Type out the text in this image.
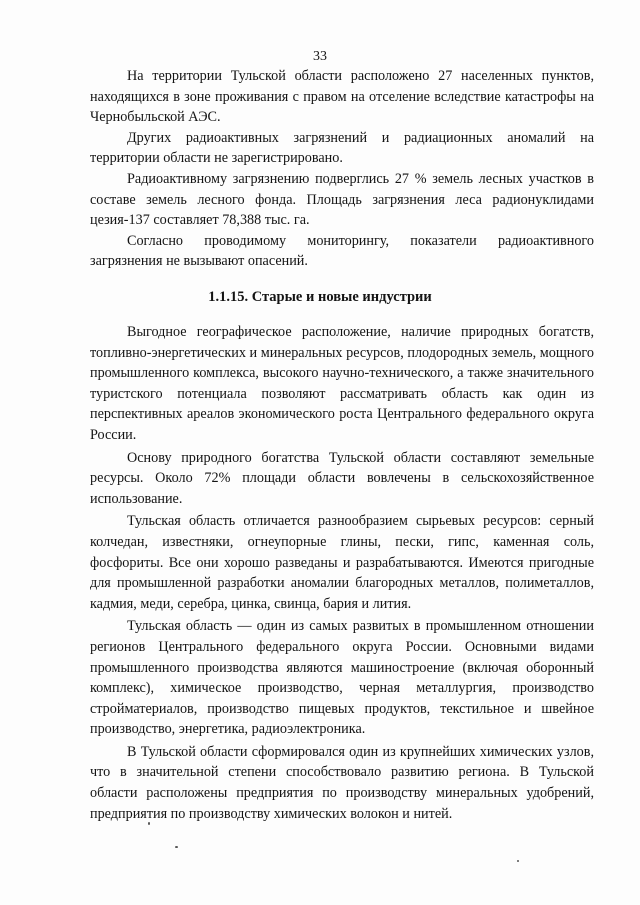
33

На территории Тульской области расположено 27 населенных пунктов, находящихся в зоне проживания с правом на отселение вследствие катастрофы на Чернобыльской АЭС.

Других радиоактивных загрязнений и радиационных аномалий на территории области не зарегистрировано.

Радиоактивному загрязнению подверглись 27 % земель лесных участков в составе земель лесного фонда. Площадь загрязнения леса радионуклидами цезия-137 составляет 78,388 тыс. га.

Согласно проводимому мониторингу, показатели радиоактивного загрязнения не вызывают опасений.

1.1.15. Старые и новые индустрии

Выгодное географическое расположение, наличие природных богатств, топливно-энергетических и минеральных ресурсов, плодородных земель, мощного промышленного комплекса, высокого научно-технического, а также значительного туристского потенциала позволяют рассматривать область как один из перспективных ареалов экономического роста Центрального федерального округа России.

Основу природного богатства Тульской области составляют земельные ресурсы. Около 72% площади области вовлечены в сельскохозяйственное использование.

Тульская область отличается разнообразием сырьевых ресурсов: серный колчедан, известняки, огнеупорные глины, пески, гипс, каменная соль, фосфориты. Все они хорошо разведаны и разрабатываются. Имеются пригодные для промышленной разработки аномалии благородных металлов, полиметаллов, кадмия, меди, серебра, цинка, свинца, бария и лития.

Тульская область — один из самых развитых в промышленном отношении регионов Центрального федерального округа России. Основными видами промышленного производства являются машиностроение (включая оборонный комплекс), химическое производство, черная металлургия, производство стройматериалов, производство пищевых продуктов, текстильное и швейное производство, энергетика, радиоэлектроника.

В Тульской области сформировался один из крупнейших химических узлов, что в значительной степени способствовало развитию региона. В Тульской области расположены предприятия по производству минеральных удобрений, предприятия по производству химических волокон и нитей.
